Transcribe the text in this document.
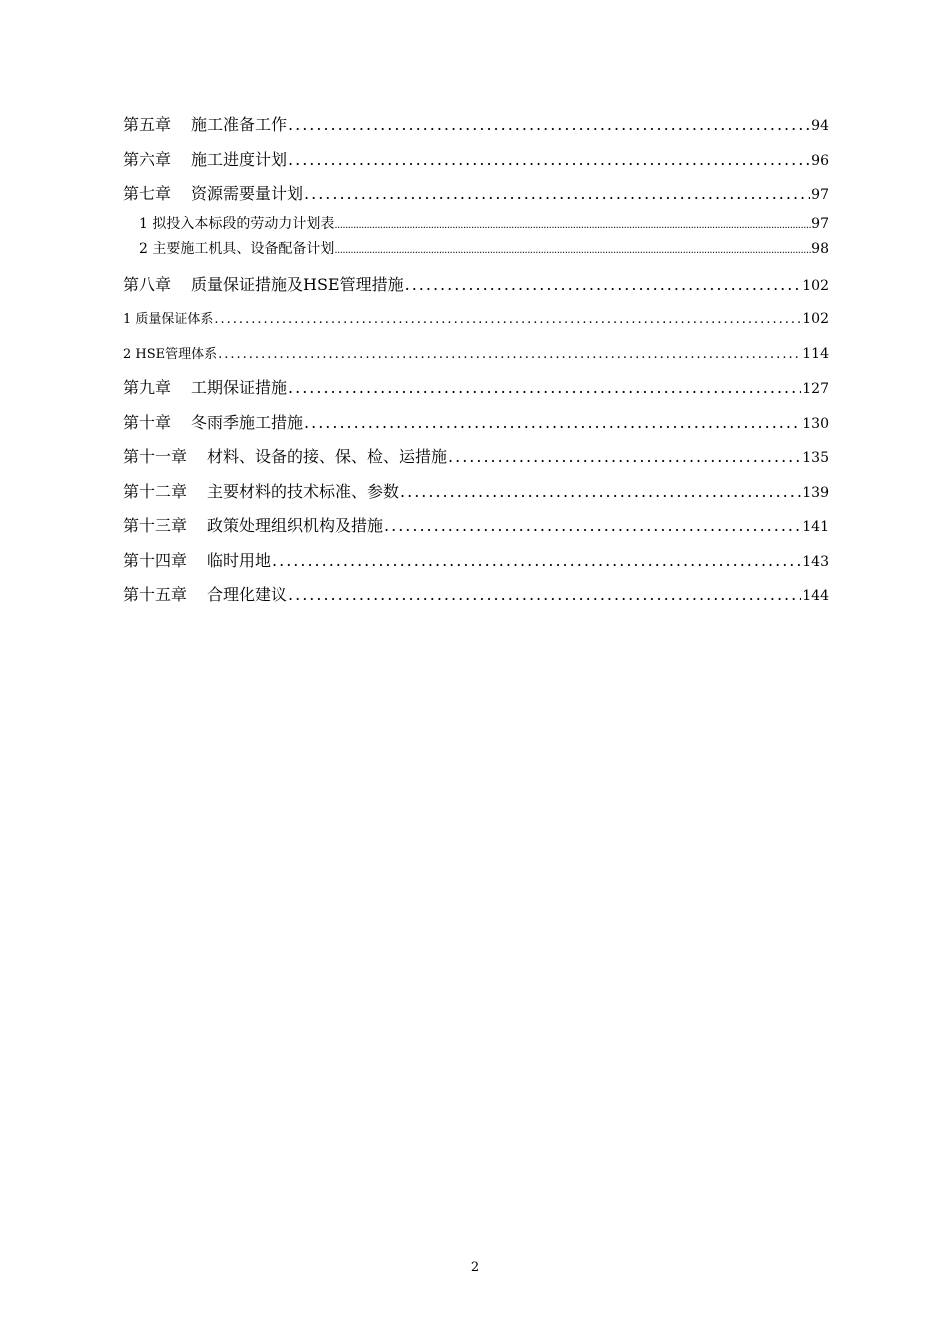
第五章 施工准备工作 .....	94
第六章 施工进度计划 .....	96
第七章 资源需要量计划 .....	97
1 拟投入本标段的劳动力计划表 .....	97
2 主要施工机具、设备配备计划 .....	98
第八章 质量保证措施及HSE管理措施 .....	102
1 质量保证体系 .....	102
2 HSE管理体系 .....	114
第九章 工期保证措施 .....	127
第十章 冬雨季施工措施 .....	130
第十一章 材料、设备的接、保、检、运措施 .....	135
第十二章 主要材料的技术标准、参数 .....	139
第十三章 政策处理组织机构及措施 .....	141
第十四章 临时用地 .....	143
第十五章 合理化建议 .....	144
2
